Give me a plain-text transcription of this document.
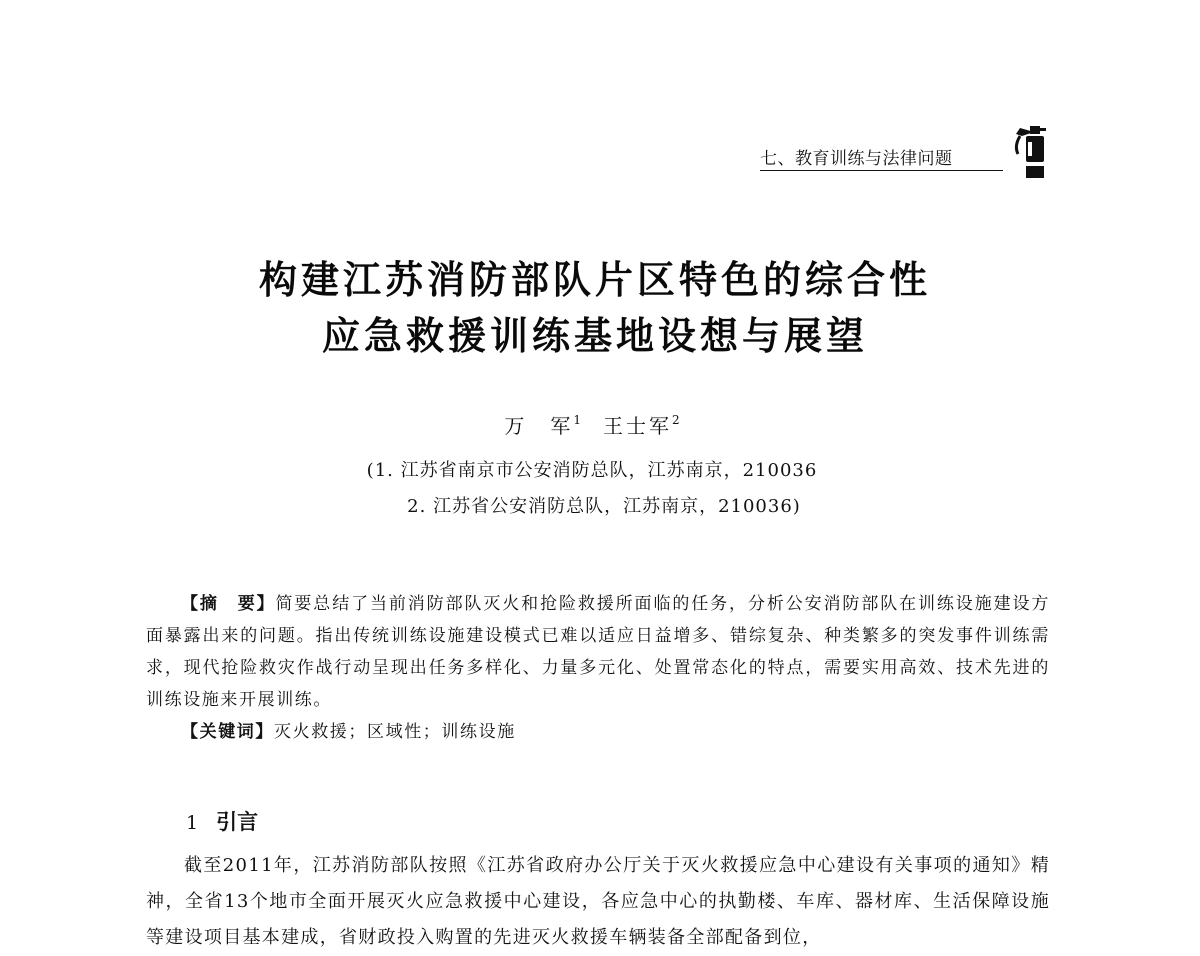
七、教育训练与法律问题
构建江苏消防部队片区特色的综合性
应急救援训练基地设想与展望
万　军$^1$ 王士军$^2$
(1. 江苏省南京市公安消防总队，江苏南京，210036
2. 江苏省公安消防总队，江苏南京，210036)

【摘　要】简要总结了当前消防部队灭火和抢险救援所面临的任务，分析公安消防部队在训练设施建设方面暴露出来的问题。指出传统训练设施建设模式已难以适应日益增多、错综复杂、种类繁多的突发事件训练需求，现代抢险救灾作战行动呈现出任务多样化、力量多元化、处置常态化的特点，需要实用高效、技术先进的训练设施来开展训练。

【关键词】灭火救援；区域性；训练设施

1 引言

截至2011年，江苏消防部队按照《江苏省政府办公厅关于灭火救援应急中心建设有关事项的通知》精神，全省13个地市全面开展灭火应急救援中心建设，各应急中心的执勤楼、车库、器材库、生活保障设施等建设项目基本建成，省财政投入购置的先进灭火救援车辆装备全部配备到位，
